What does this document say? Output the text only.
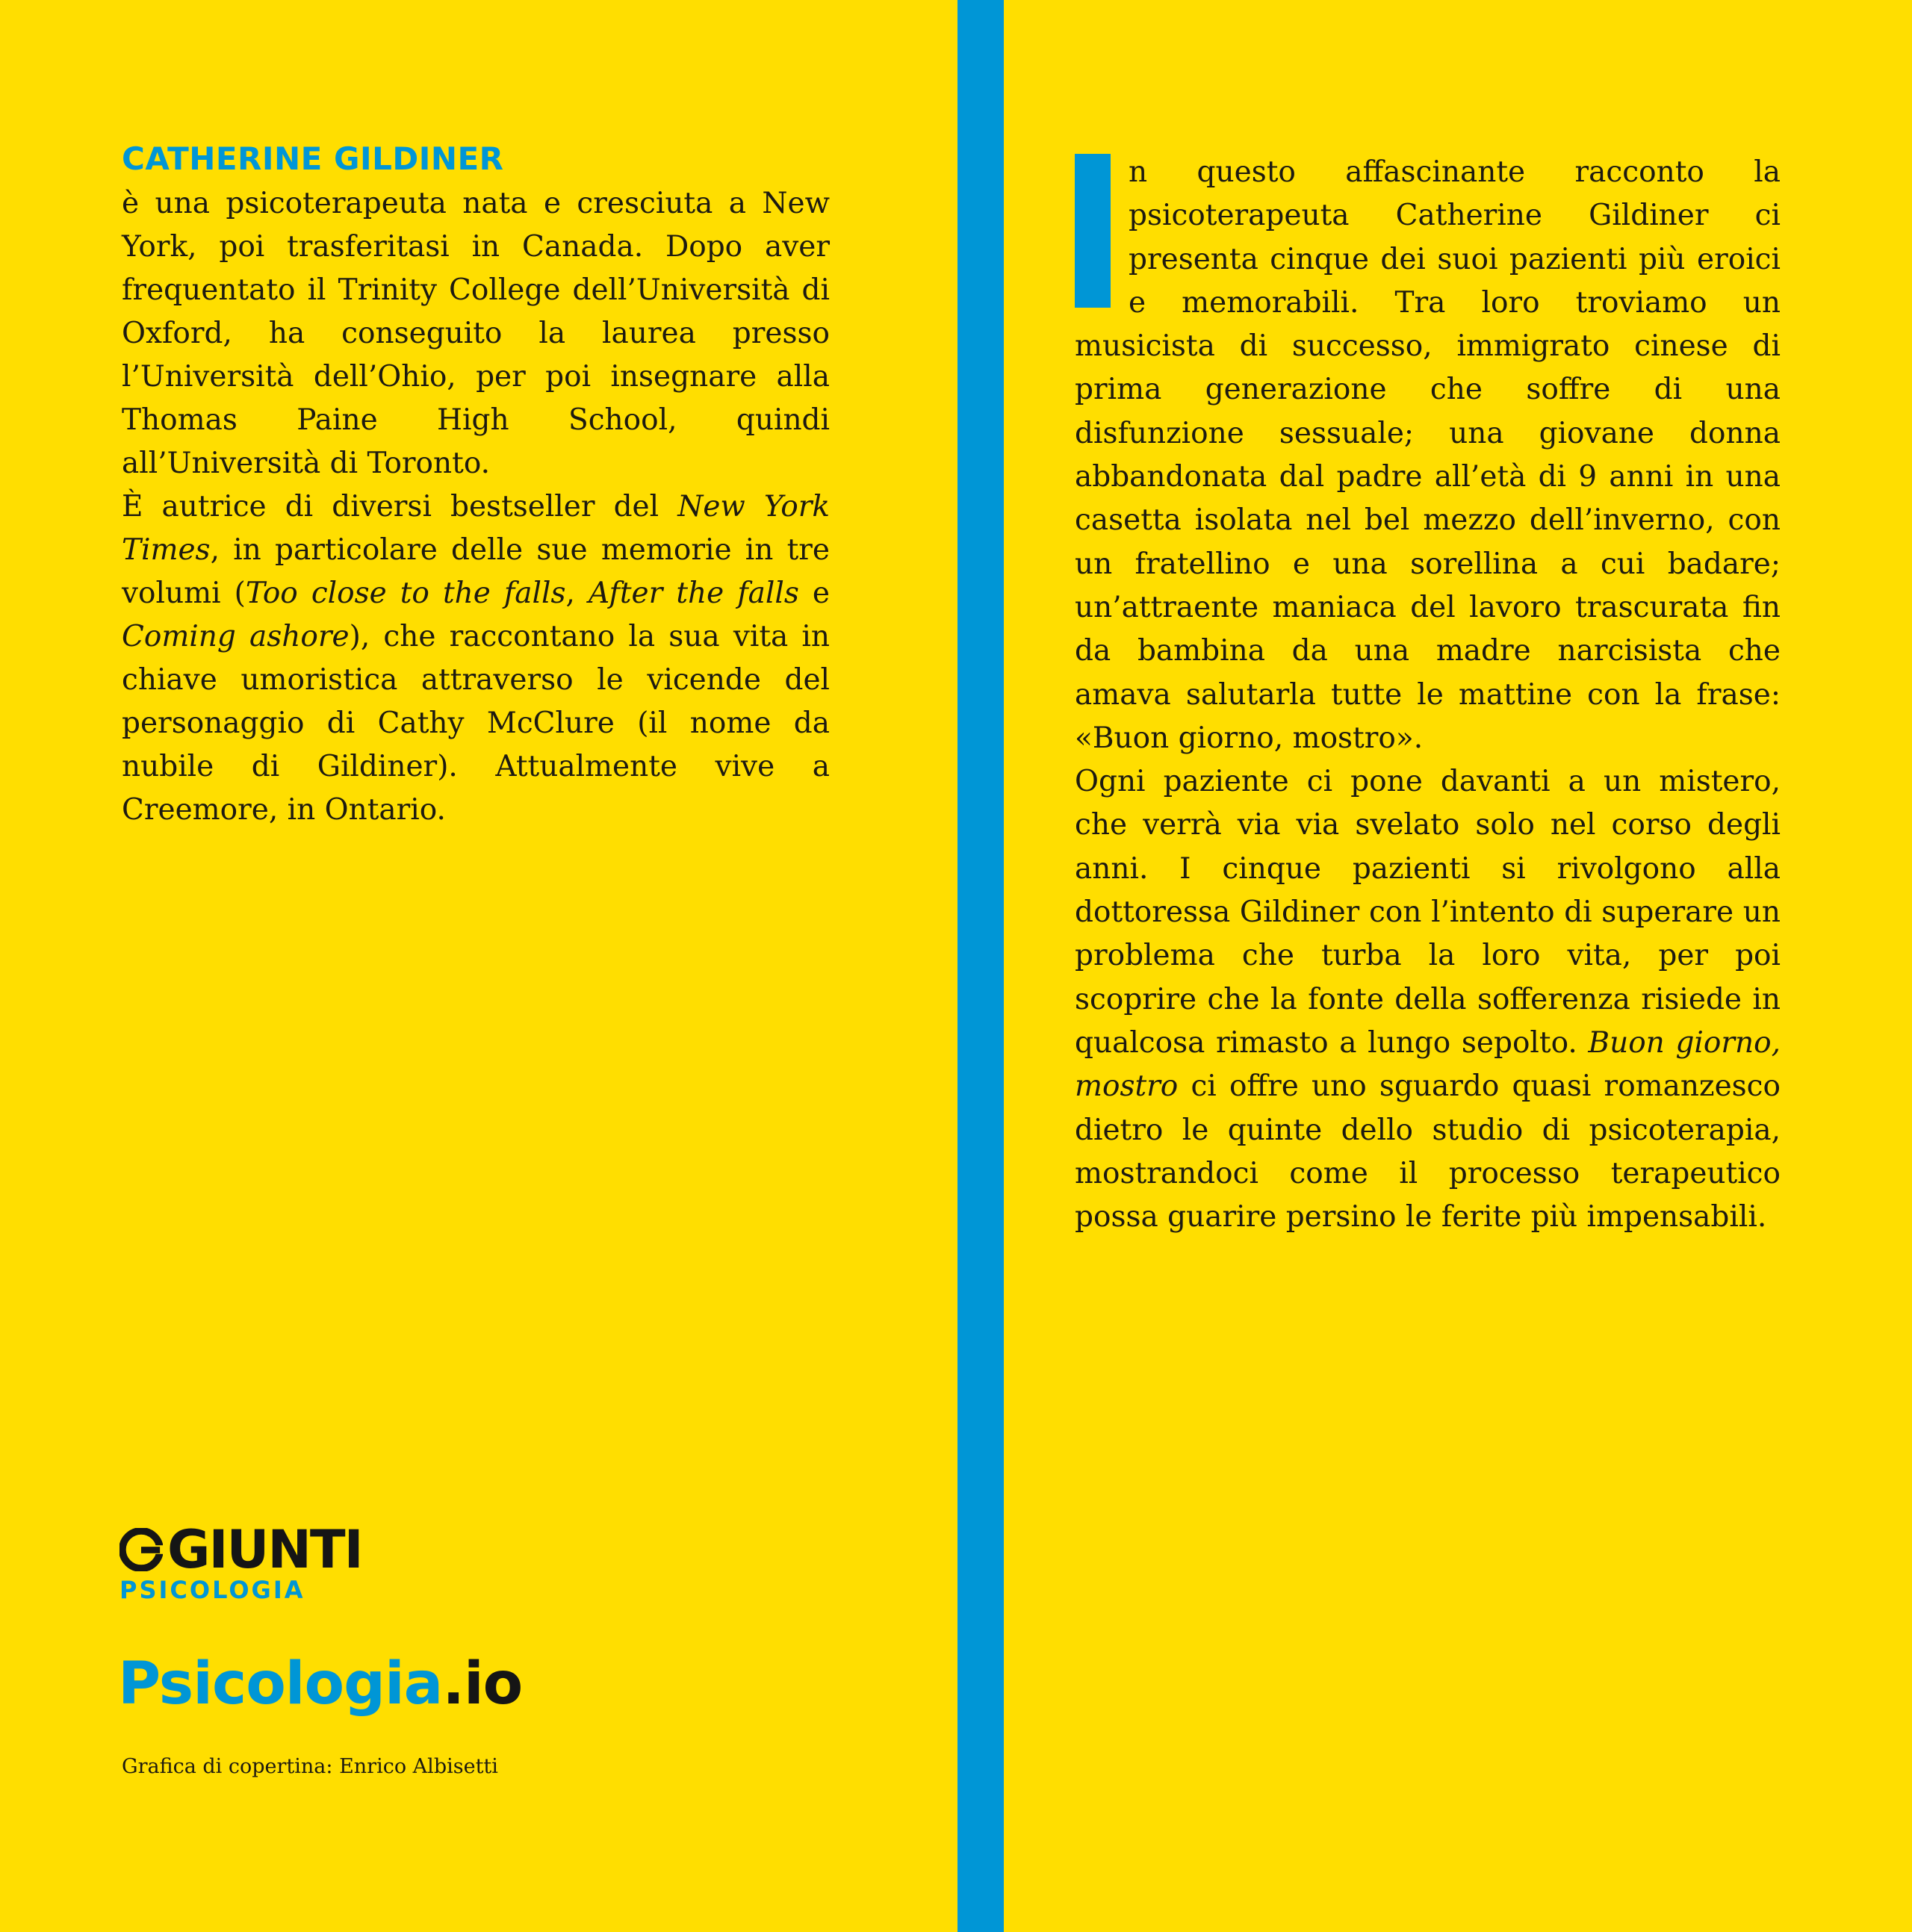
CATHERINE GILDINER

è una psicoterapeuta nata e cresciuta a New York, poi trasferitasi in Canada. Dopo aver frequentato il Trinity College dell’Università di Oxford, ha conseguito la laurea presso l’Università dell’Ohio, per poi insegnare alla Thomas Paine High School, quindi all’Università di Toronto.

È autrice di diversi bestseller del New York Times, in particolare delle sue memorie in tre volumi (Too close to the falls, After the falls e Coming ashore), che raccontano la sua vita in chiave umoristica attraverso le vicende del personaggio di Cathy McClure (il nome da nubile di Gildiner). Attualmente vive a Creemore, in Ontario.

n questo affascinante racconto la psicoterapeuta Catherine Gildiner ci presenta cinque dei suoi pazienti più eroici e memorabili. Tra loro troviamo un musicista di successo, immigrato cinese di prima generazione che soffre di una disfunzione sessuale; una giovane donna abbandonata dal padre all’età di 9 anni in una casetta isolata nel bel mezzo dell’inverno, con un fratellino e una sorellina a cui badare; un’attraente maniaca del lavoro trascurata fin da bambina da una madre narcisista che amava salutarla tutte le mattine con la frase: «Buon giorno, mostro».

Ogni paziente ci pone davanti a un mistero, che verrà via via svelato solo nel corso degli anni. I cinque pazienti si rivolgono alla dottoressa Gildiner con l’intento di superare un problema che turba la loro vita, per poi scoprire che la fonte della sofferenza risiede in qualcosa rimasto a lungo sepolto. Buon giorno, mostro ci offre uno sguardo quasi romanzesco dietro le quinte dello studio di psicoterapia, mostrandoci come il processo terapeutico possa guarire persino le ferite più impensabili.

GIUNTI
PSICOLOGIA
Psicologia.io
Grafica di copertina: Enrico Albisetti
